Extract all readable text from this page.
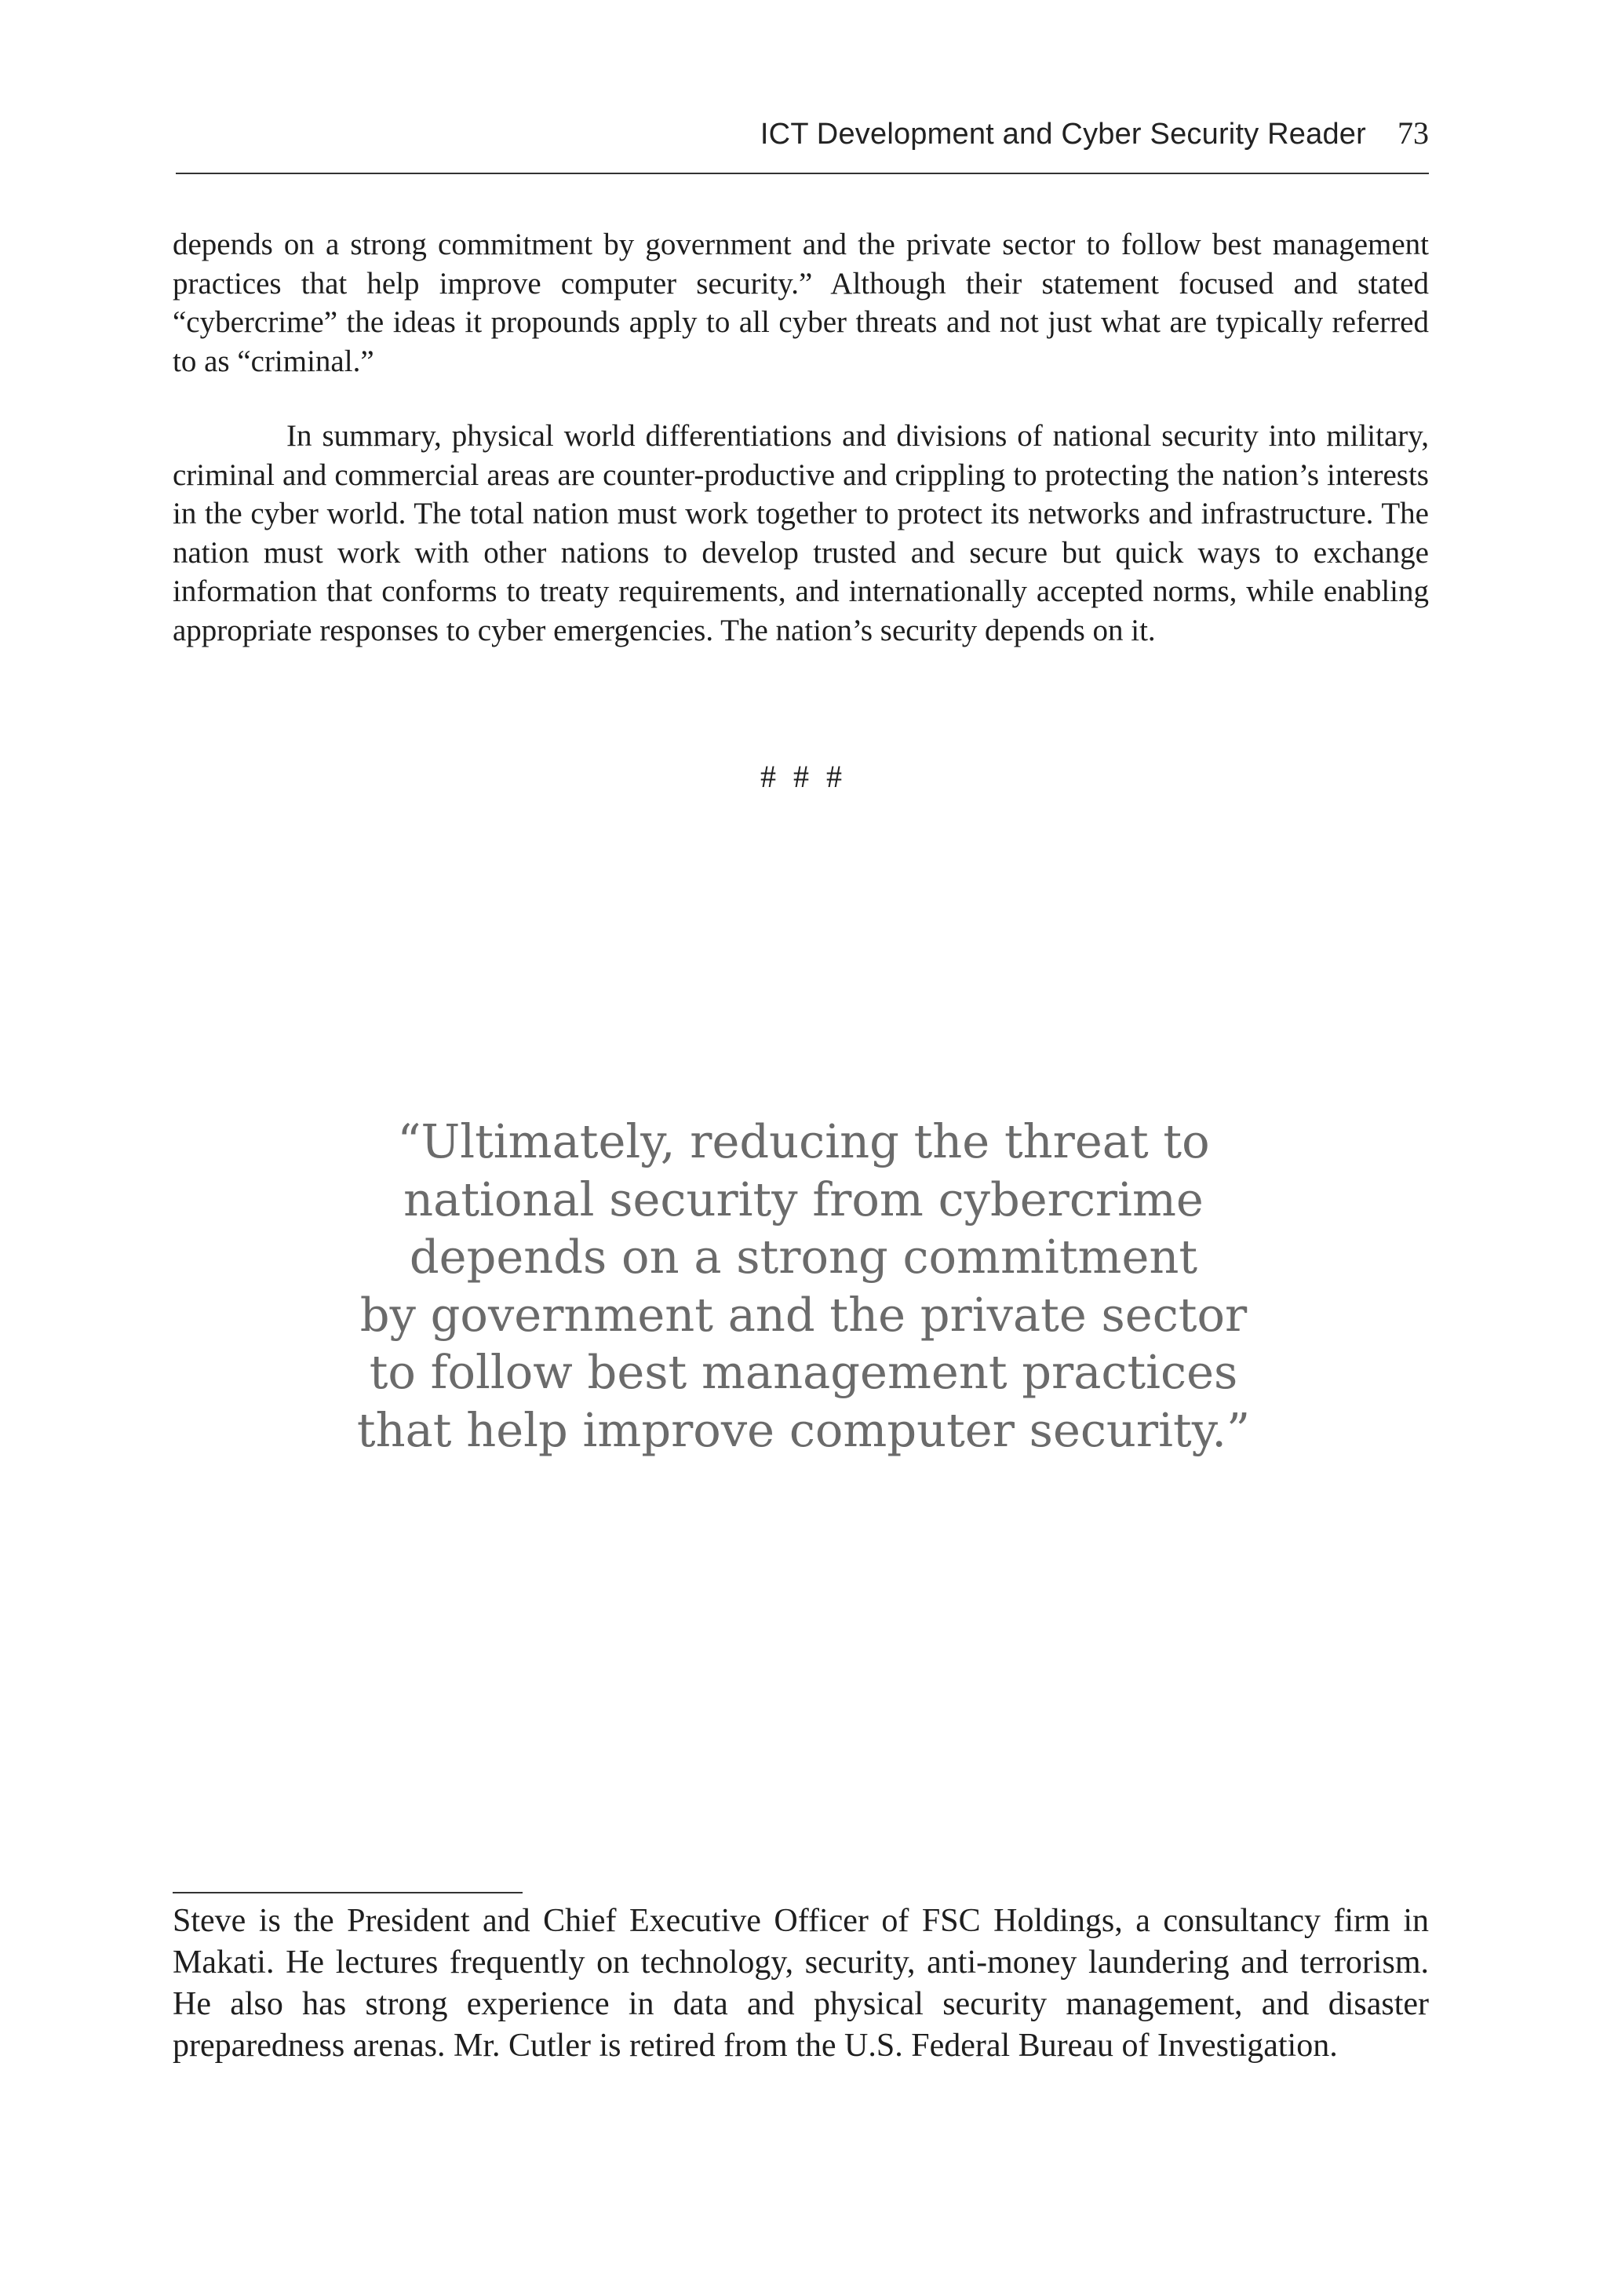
ICT Development and Cyber Security Reader 73

depends on a strong commitment by government and the private sector to follow best management practices that help improve computer security.” Although their statement focused and stated “cybercrime” the ideas it propounds apply to all cyber threats and not just what are typically referred to as “criminal.”

In summary, physical world differentiations and divisions of national security into military, criminal and commercial areas are counter-productive and crippling to protecting the nation’s interests in the cyber world. The total nation must work together to protect its networks and infrastructure. The nation must work with other nations to develop trusted and secure but quick ways to exchange information that conforms to treaty requirements, and internationally accepted norms, while enabling appropriate responses to cyber emergencies. The nation’s security depends on it.

# # #
“Ultimately, reducing the threat to
national security from cybercrime
depends on a strong commitment
by government and the private sector
to follow best management practices
that help improve computer security.”

Steve is the President and Chief Executive Officer of FSC Holdings, a consultancy firm in Makati. He lectures frequently on technology, security, anti-money laundering and terrorism. He also has strong experience in data and physical security management, and disaster preparedness arenas. Mr. Cutler is retired from the U.S. Federal Bureau of Investigation.
